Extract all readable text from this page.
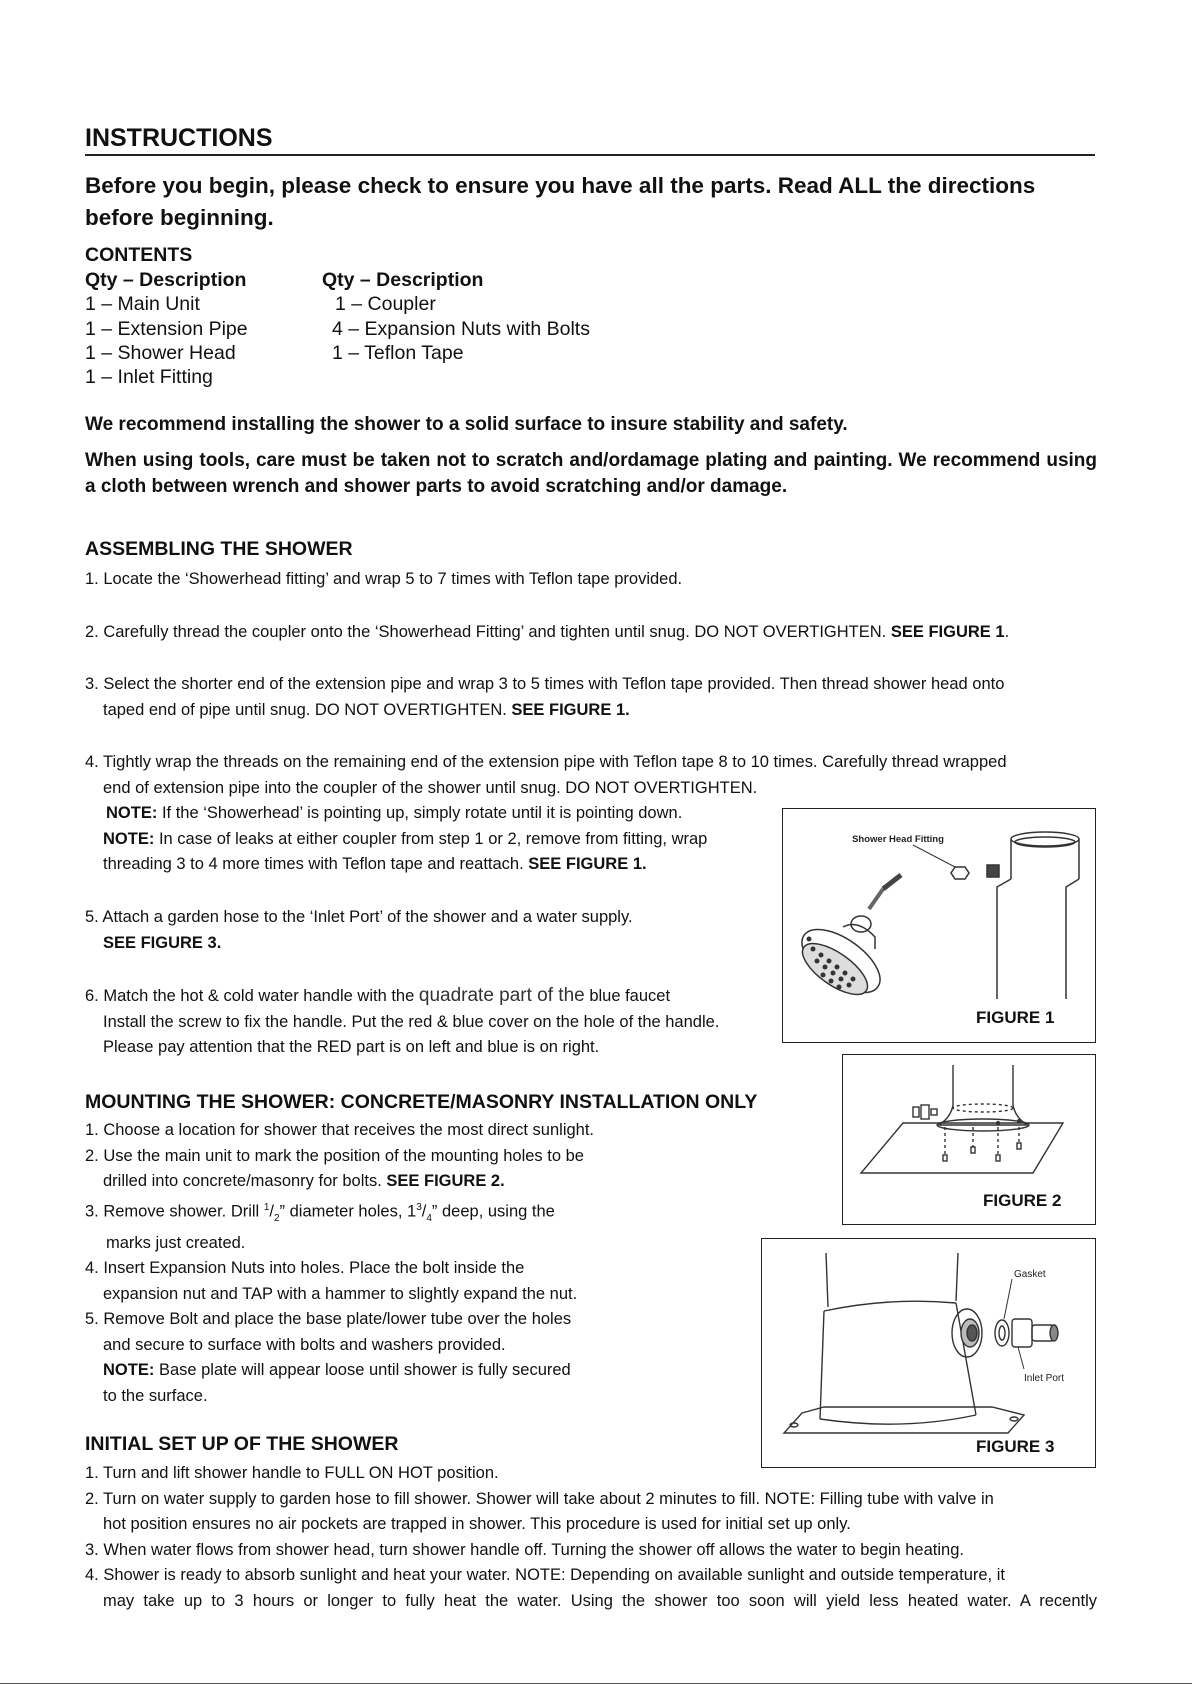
INSTRUCTIONS
Before you begin, please check to ensure you have all the parts. Read ALL the directions before beginning.
CONTENTS
Qty – Description
1 – Main Unit
1 – Extension Pipe
1 – Shower Head
1 – Inlet Fitting
Qty – Description
1 – Coupler
4 – Expansion Nuts with Bolts
1 – Teflon Tape
We recommend installing the shower to a solid surface to insure stability and safety.
When using tools, care must be taken not to scratch and/ordamage plating and painting. We recommend using a cloth between wrench and shower parts to avoid scratching and/or damage.
ASSEMBLING THE SHOWER
1. Locate the ‘Showerhead fitting’ and wrap 5 to 7 times with Teflon tape provided.
2. Carefully thread the coupler onto the ‘Showerhead Fitting’ and tighten until snug. DO NOT OVERTIGHTEN. SEE FIGURE 1.
3. Select the shorter end of the extension pipe and wrap 3 to 5 times with Teflon tape provided. Then thread shower head onto
taped end of pipe until snug. DO NOT OVERTIGHTEN. SEE FIGURE 1.
4. Tightly wrap the threads on the remaining end of the extension pipe with Teflon tape 8 to 10 times. Carefully thread wrapped
end of extension pipe into the coupler of the shower until snug. DO NOT OVERTIGHTEN.
NOTE: If the ‘Showerhead’ is pointing up, simply rotate until it is pointing down.
NOTE: In case of leaks at either coupler from step 1 or 2, remove from fitting, wrap
threading 3 to 4 more times with Teflon tape and reattach. SEE FIGURE 1.
5. Attach a garden hose to the ‘Inlet Port’ of the shower and a water supply.
SEE FIGURE 3.
6. Match the hot & cold water handle with the quadrate part of the blue faucet
Install the screw to fix the handle. Put the red & blue cover on the hole of the handle.
Please pay attention that the RED part is on left and blue is on right.
MOUNTING THE SHOWER: CONCRETE/MASONRY INSTALLATION ONLY
1. Choose a location for shower that receives the most direct sunlight.
2. Use the main unit to mark the position of the mounting holes to be
drilled into concrete/masonry for bolts. SEE FIGURE 2.
3. Remove shower. Drill $^1/_2$” diameter holes, $1^3/_4$” deep, using the
marks just created.
4. Insert Expansion Nuts into holes. Place the bolt inside the
expansion nut and TAP with a hammer to slightly expand the nut.
5. Remove Bolt and place the base plate/lower tube over the holes
and secure to surface with bolts and washers provided.
NOTE: Base plate will appear loose until shower is fully secured
to the surface.
INITIAL SET UP OF THE SHOWER
1. Turn and lift shower handle to FULL ON HOT position.
2. Turn on water supply to garden hose to fill shower. Shower will take about 2 minutes to fill. NOTE: Filling tube with valve in
hot position ensures no air pockets are trapped in shower. This procedure is used for initial set up only.
3. When water flows from shower head, turn shower handle off. Turning the shower off allows the water to begin heating.
4. Shower is ready to absorb sunlight and heat your water. NOTE: Depending on available sunlight and outside temperature, it
may take up to 3 hours or longer to fully heat the water. Using the shower too soon will yield less heated water. A recently
Shower Head Fitting
FIGURE 1
FIGURE 2
Gasket
Inlet Port
FIGURE 3
